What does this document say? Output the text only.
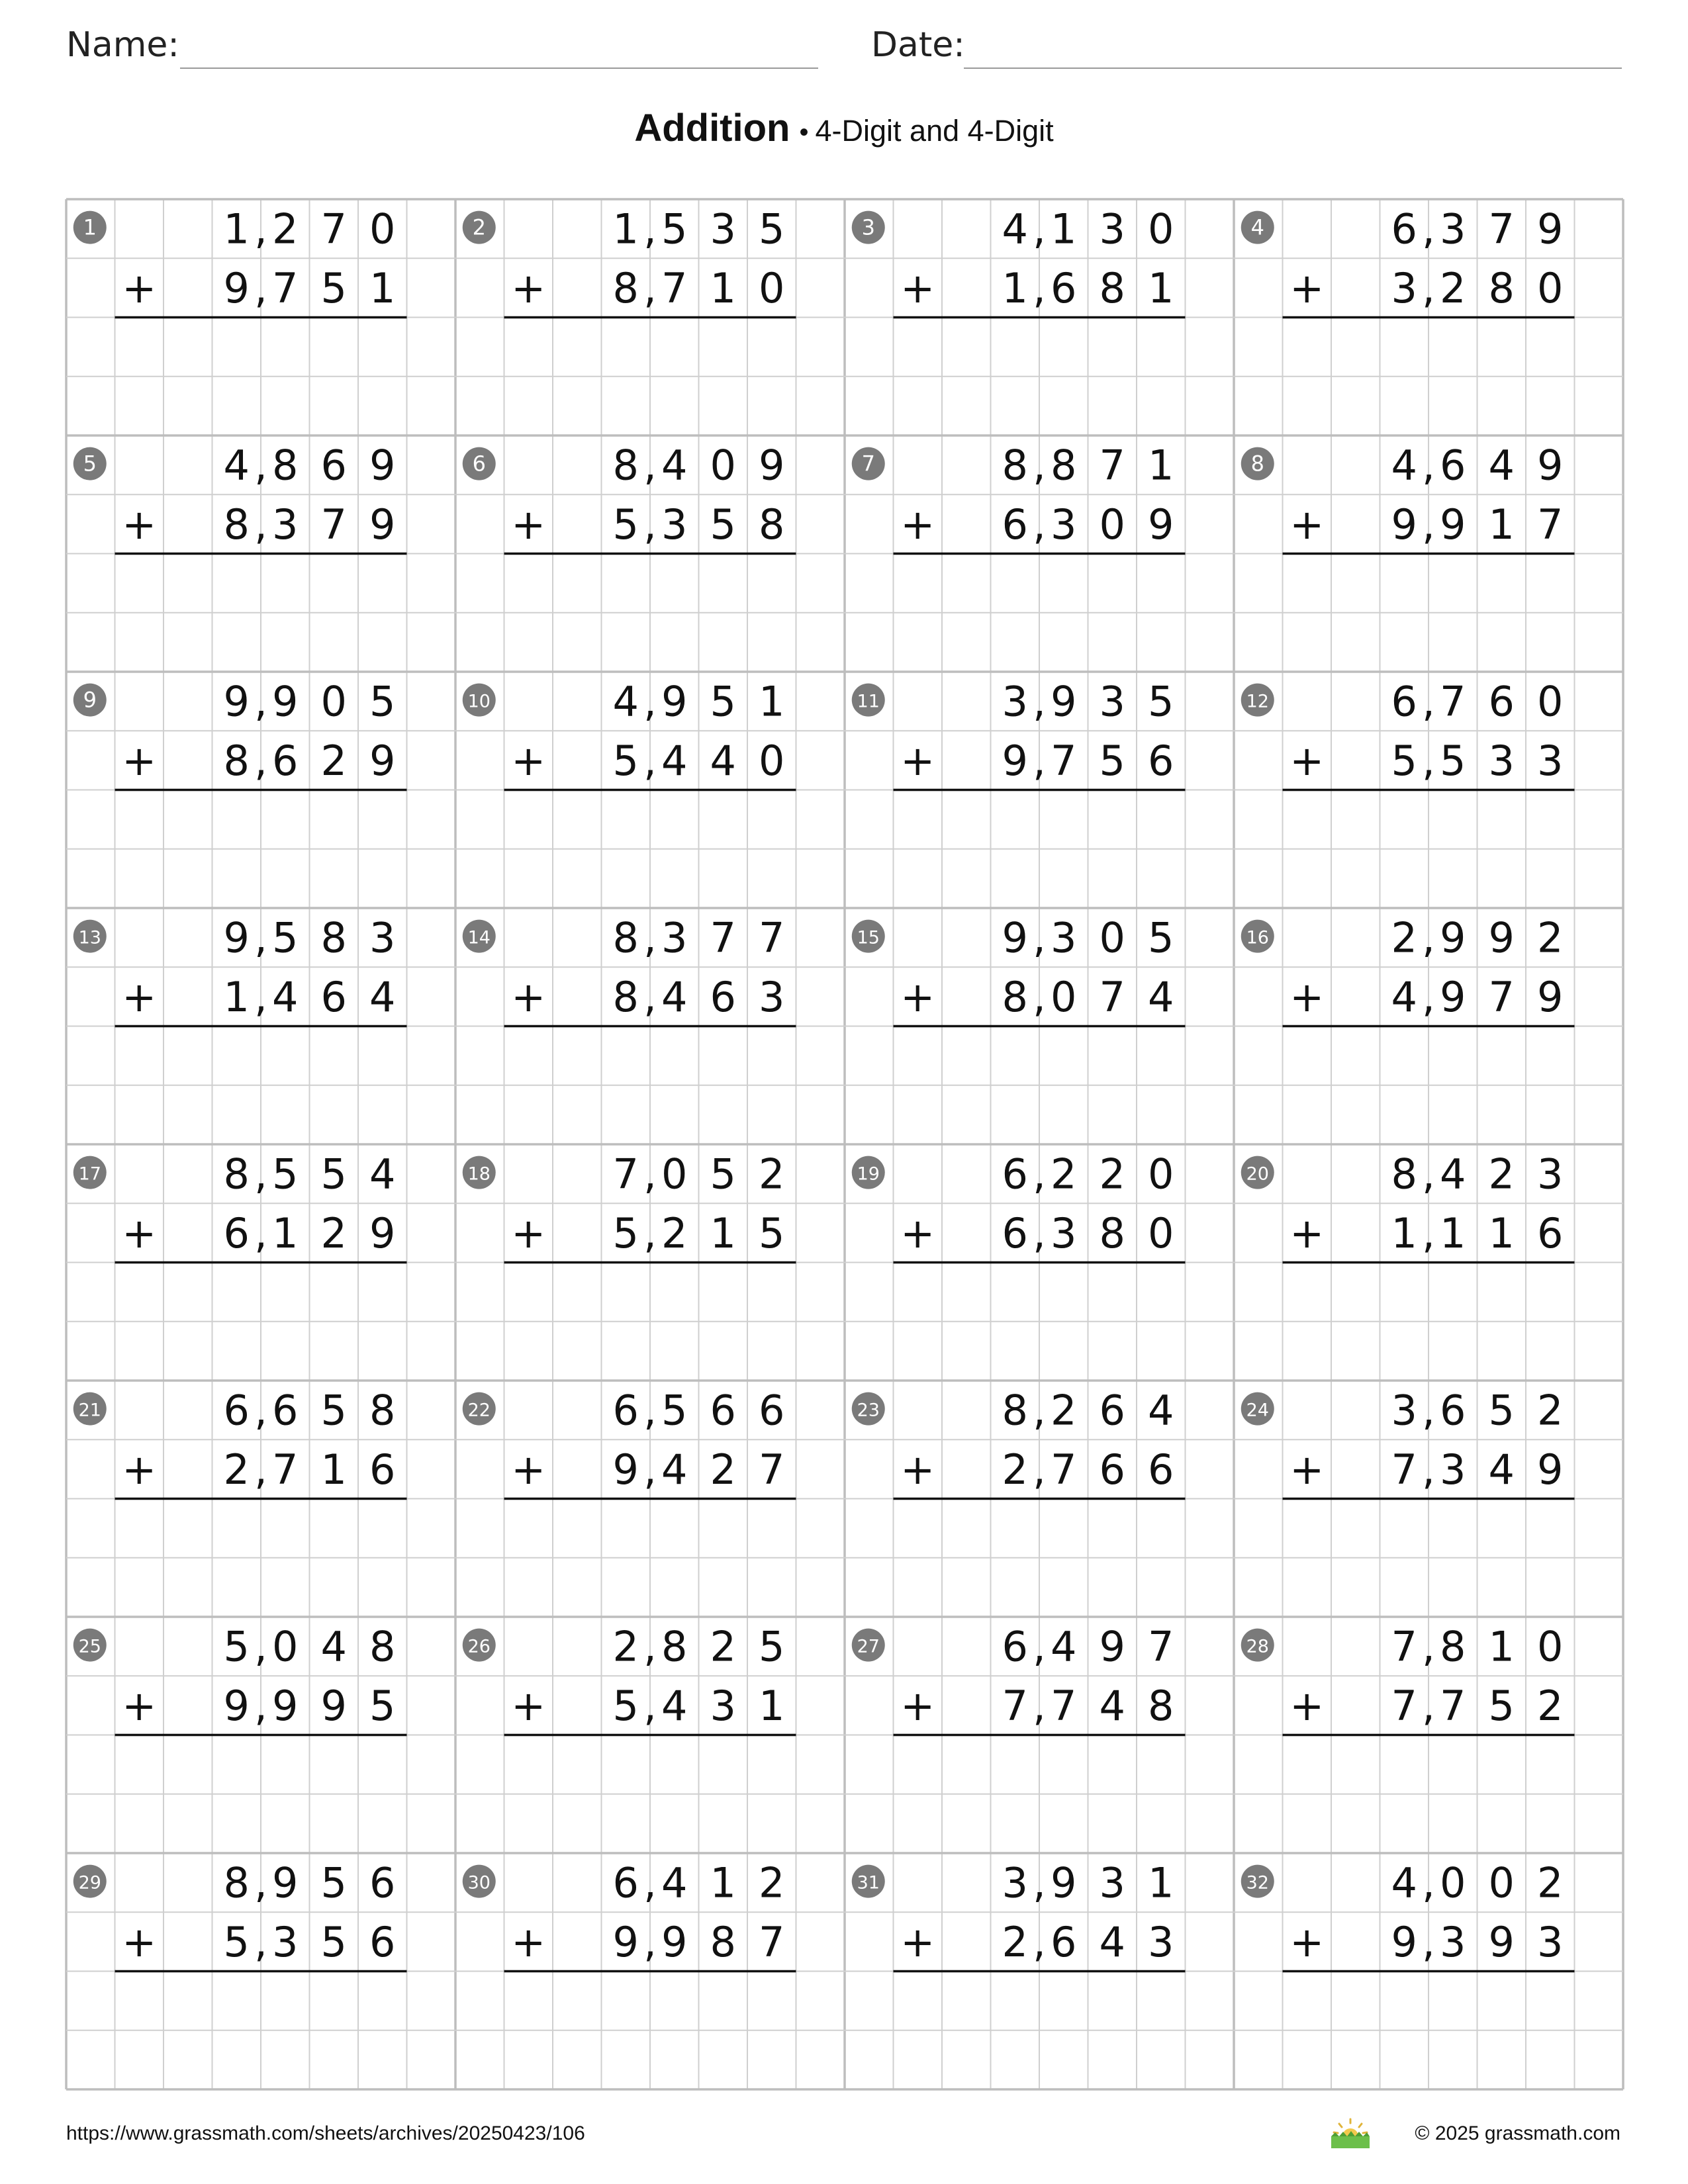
Name:	Date:
Addition • 4-Digit and 4-Digit
1	1 2 7 0
,
9 7 5 1
,
+
2	1 5 3 5
,
8 7 1 0
,
+
3	4 1 3 0
,
1 6 8 1
,
+
4	6 3 7 9
,
3 2 8 0
,
+
5	4 8 6 9
,
8 3 7 9
,
+
6	8 4 0 9
,
5 3 5 8
,
+
7	8 8 7 1
,
6 3 0 9
,
+
8	4 6 4 9
,
9 9 1 7
,
+
9	9 9 0 5
,
8 6 2 9
,
+
10	4 9 5 1
,
5 4 4 0
,
+
11	3 9 3 5
,
9 7 5 6
,
+
12	6 7 6 0
,
5 5 3 3
,
+
13	9 5 8 3
,
1 4 6 4
,
+
14	8 3 7 7
,
8 4 6 3
,
+
15	9 3 0 5
,
8 0 7 4
,
+
16	2 9 9 2
,
4 9 7 9
,
+
17	8 5 5 4
,
6 1 2 9
,
+
18	7 0 5 2
,
5 2 1 5
,
+
19	6 2 2 0
,
6 3 8 0
,
+
20	8 4 2 3
,
1 1 1 6
,
+
21	6 6 5 8
,
2 7 1 6
,
+
22	6 5 6 6
,
9 4 2 7
,
+
23	8 2 6 4
,
2 7 6 6
,
+
24	3 6 5 2
,
7 3 4 9
,
+
25	5 0 4 8
,
9 9 9 5
,
+
26	2 8 2 5
,
5 4 3 1
,
+
27	6 4 9 7
,
7 7 4 8
,
+
28	7 8 1 0
,
7 7 5 2
,
+
29	8 9 5 6
,
5 3 5 6
,
+
30	6 4 1 2
,
9 9 8 7
,
+
31	3 9 3 1
,
2 6 4 3
,
+
32	4 0 0 2
,
9 3 9 3
,
+
https://www.grassmath.com/sheets/archives/20250423/106	© 2025 grassmath.com
